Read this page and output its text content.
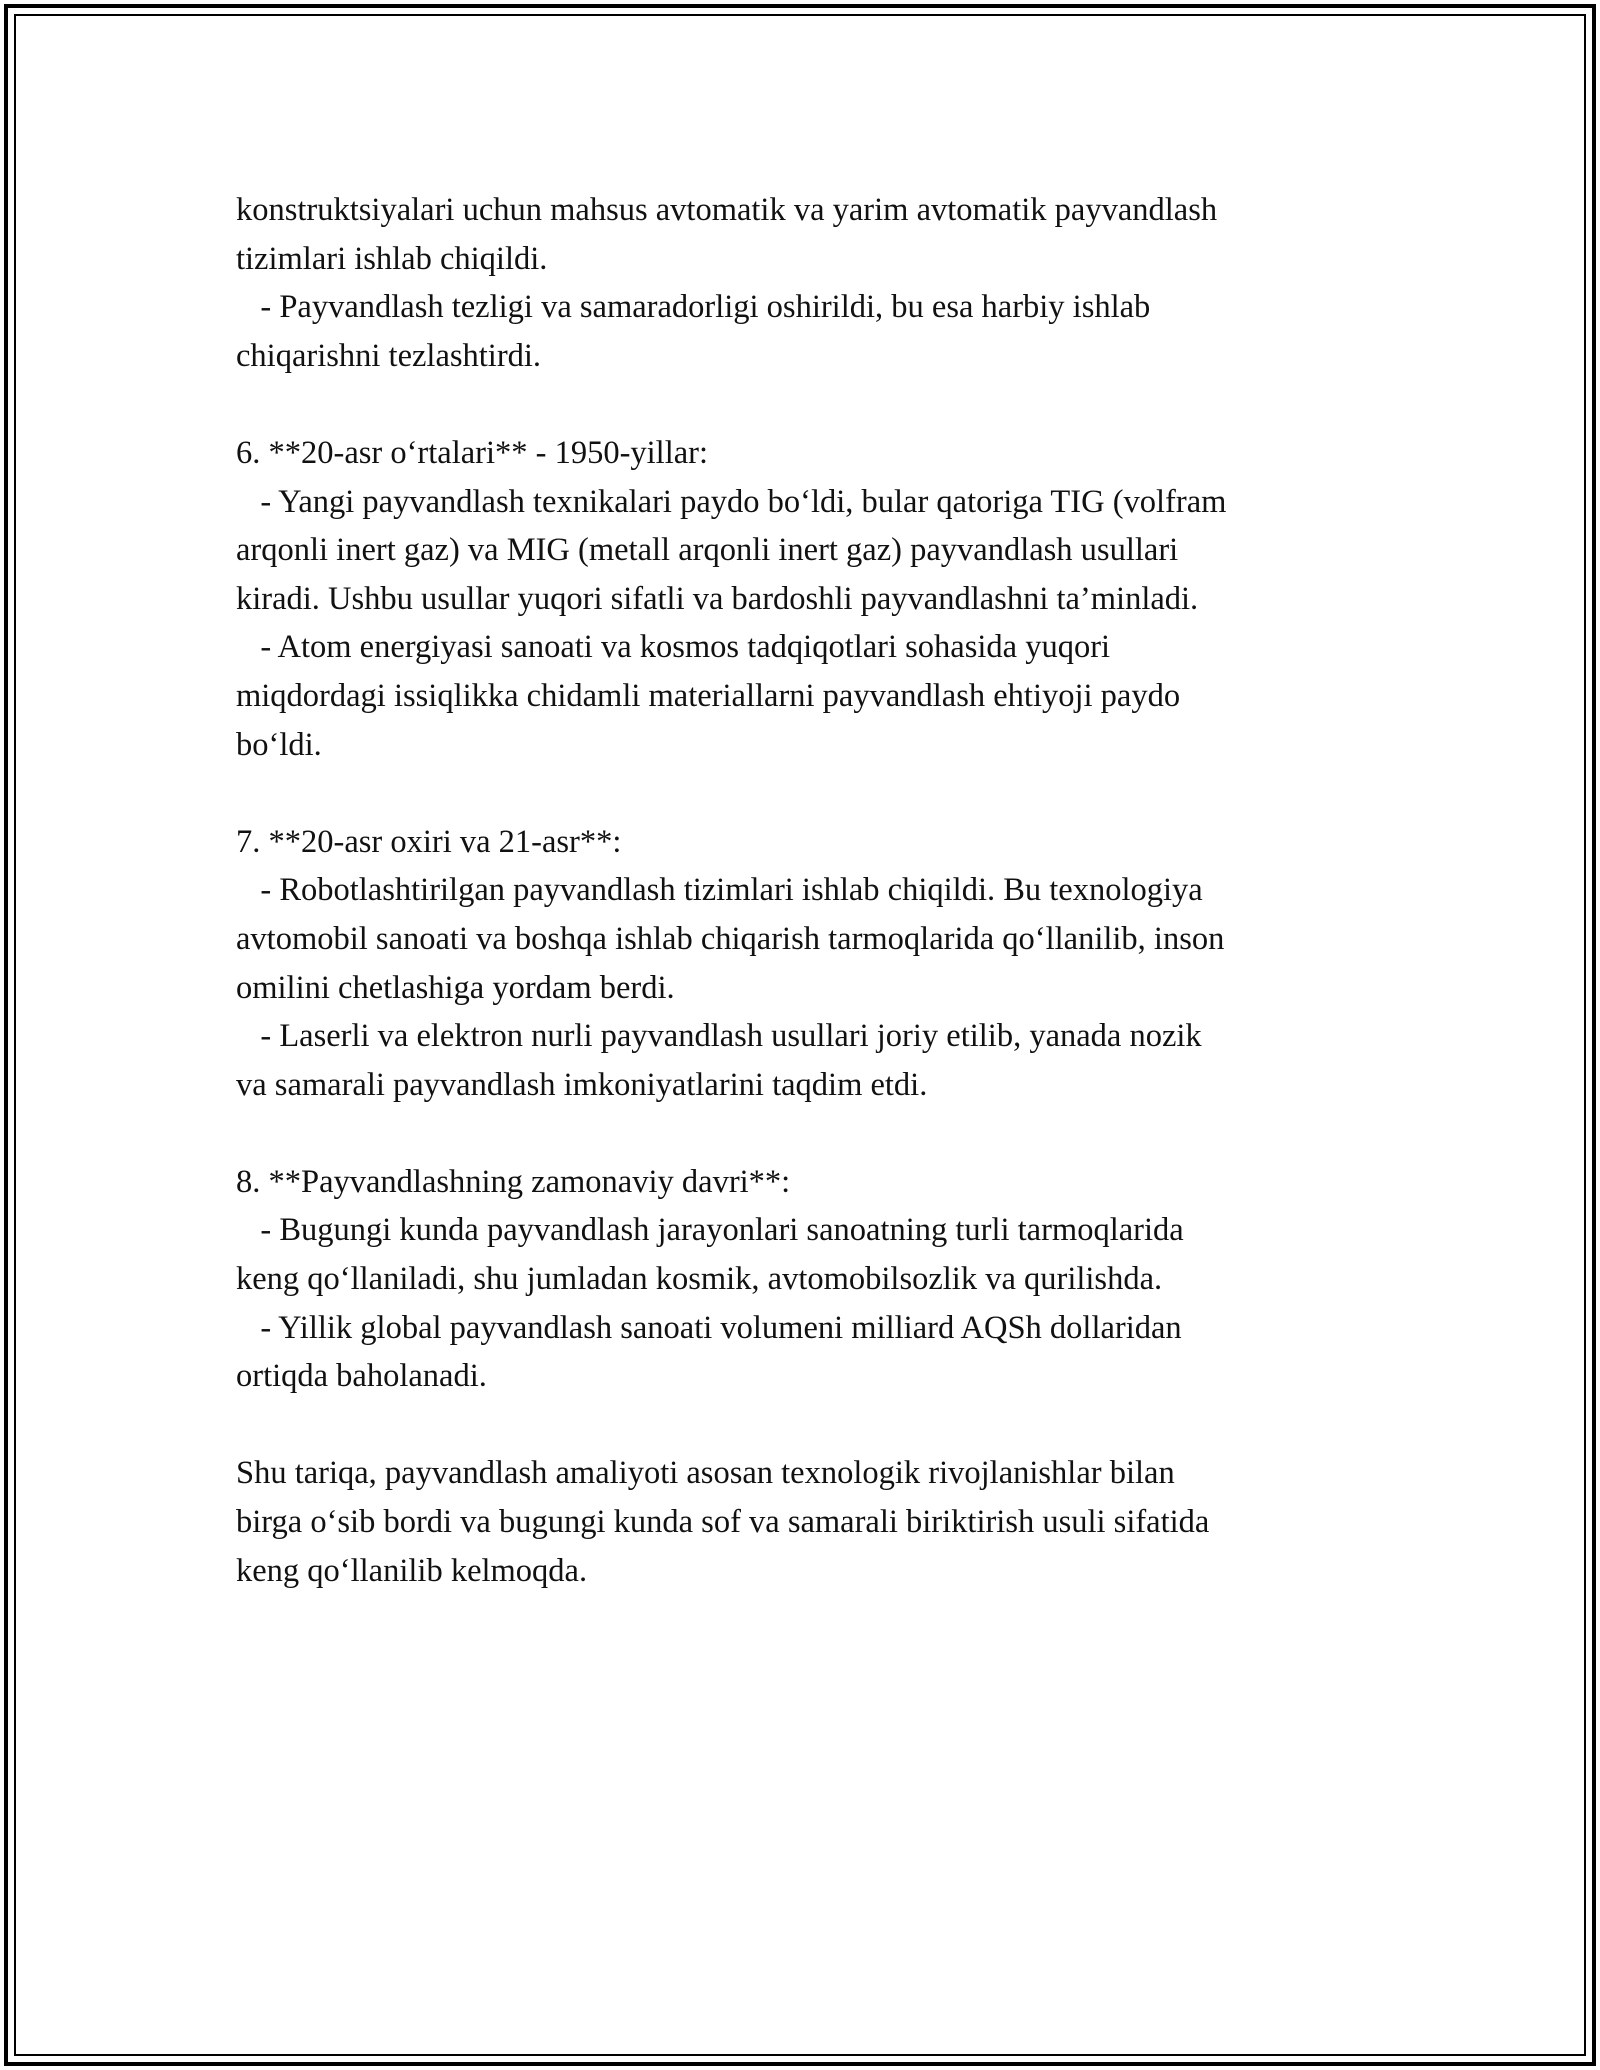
konstruktsiyalari uchun mahsus avtomatik va yarim avtomatik payvandlash
tizimlari ishlab chiqildi.
- Payvandlash tezligi va samaradorligi oshirildi, bu esa harbiy ishlab
chiqarishni tezlashtirdi.
6. **20-asr o‘rtalari** - 1950-yillar:
- Yangi payvandlash texnikalari paydo bo‘ldi, bular qatoriga TIG (volfram
arqonli inert gaz) va MIG (metall arqonli inert gaz) payvandlash usullari
kiradi. Ushbu usullar yuqori sifatli va bardoshli payvandlashni ta’minladi.
- Atom energiyasi sanoati va kosmos tadqiqotlari sohasida yuqori
miqdordagi issiqlikka chidamli materiallarni payvandlash ehtiyoji paydo
bo‘ldi.
7. **20-asr oxiri va 21-asr**:
- Robotlashtirilgan payvandlash tizimlari ishlab chiqildi. Bu texnologiya
avtomobil sanoati va boshqa ishlab chiqarish tarmoqlarida qo‘llanilib, inson
omilini chetlashiga yordam berdi.
- Laserli va elektron nurli payvandlash usullari joriy etilib, yanada nozik
va samarali payvandlash imkoniyatlarini taqdim etdi.
8. **Payvandlashning zamonaviy davri**:
- Bugungi kunda payvandlash jarayonlari sanoatning turli tarmoqlarida
keng qo‘llaniladi, shu jumladan kosmik, avtomobilsozlik va qurilishda.
- Yillik global payvandlash sanoati volumeni milliard AQSh dollaridan
ortiqda baholanadi.
Shu tariqa, payvandlash amaliyoti asosan texnologik rivojlanishlar bilan
birga o‘sib bordi va bugungi kunda sof va samarali biriktirish usuli sifatida
keng qo‘llanilib kelmoqda.
